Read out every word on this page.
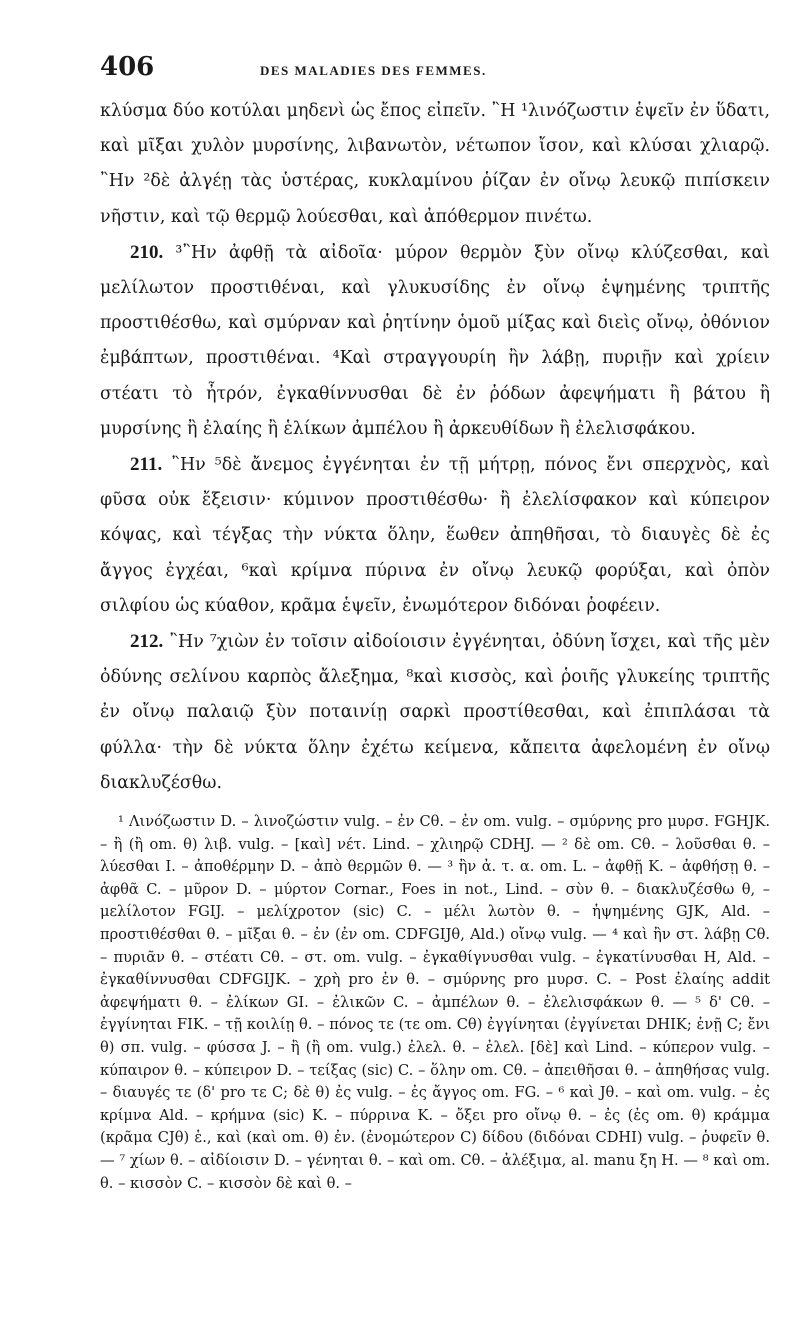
406	DES MALADIES DES FEMMES.

κλύσμα δύο κοτύλαι μηδενὶ ὡς ἔπος εἰπεῖν. ῍Η ¹λινόζωστιν ἑψεῖν ἐν ὕδατι, καὶ μῖξαι χυλὸν μυρσίνης, λιβανωτὸν, νέτωπον ἴσον, καὶ κλύσαι χλιαρῷ. ῍Ην ²δὲ ἀλγέῃ τὰς ὑστέρας, κυκλαμίνου ῥίζαν ἐν οἴνῳ λευκῷ πιπίσκειν νῆστιν, καὶ τῷ θερμῷ λούεσθαι, καὶ ἀπόθερμον πινέτω.

210. ³῍Ην ἀφθῇ τὰ αἰδοῖα· μύρον θερμὸν ξὺν οἴνῳ κλύζεσθαι, καὶ μελίλωτον προστιθέναι, καὶ γλυκυσίδης ἐν οἴνῳ ἑψημένης τριπτῆς προστιθέσθω, καὶ σμύρναν καὶ ῥητίνην ὁμοῦ μίξας καὶ διεὶς οἴνῳ, ὀθόνιον ἐμβάπτων, προστιθέναι. ⁴Καὶ στραγγουρίη ἢν λάβῃ, πυριῇν καὶ χρίειν στέατι τὸ ἦτρόν, ἐγκαθίννυσθαι δὲ ἐν ῥόδων ἀφεψήματι ἢ βάτου ἢ μυρσίνης ἢ ἐλαίης ἢ ἑλίκων ἀμπέλου ἢ ἀρκευθίδων ἢ ἐλελισφάκου.

211. ῍Ην ⁵δὲ ἄνεμος ἐγγένηται ἐν τῇ μήτρῃ, πόνος ἔνι σπερχνὸς, καὶ φῦσα οὐκ ἔξεισιν· κύμινον προστιθέσθω· ἢ ἐλελίσφακον καὶ κύπειρον κόψας, καὶ τέγξας τὴν νύκτα ὅλην, ἕωθεν ἀπηθῆσαι, τὸ διαυγὲς δὲ ἐς ἄγγος ἐγχέαι, ⁶καὶ κρίμνα πύρινα ἐν οἴνῳ λευκῷ φορύξαι, καὶ ὀπὸν σιλφίου ὡς κύαθον, κρᾶμα ἑψεῖν, ἐνωμότερον διδόναι ῥοφέειν.

212. ῍Ην ⁷χιὼν ἐν τοῖσιν αἰδοίοισιν ἐγγένηται, ὀδύνη ἴσχει, καὶ τῆς μὲν ὀδύνης σελίνου καρπὸς ἄλεξημα, ⁸καὶ κισσὸς, καὶ ῥοιῆς γλυκείης τριπτῆς ἐν οἴνῳ παλαιῷ ξὺν ποταινίῃ σαρκὶ προστίθεσθαι, καὶ ἐπιπλάσαι τὰ φύλλα· τὴν δὲ νύκτα ὅλην ἐχέτω κείμενα, κἄπειτα ἀφελομένη ἐν οἴνῳ διακλυζέσθω.

¹ Λινόζωστιν D. – λινοζώστιν vulg. – ἐν Cθ. – ἐν om. vulg. – σμύρνης pro μυρσ. FGHJK. – ἢ (ἢ om. θ) λιβ. vulg. – [καὶ] νέτ. Lind. – χλιηρῷ CDHJ. — ² δὲ om. Cθ. – λοῦσθαι θ. – λύεσθαι I. – ἀποθέρμην D. – ἀπὸ θερμῶν θ. — ³ ἢν ἀ. τ. α. om. L. – ἀφθῇ K. – ἀφθήσῃ θ. – ἀφθᾶ C. – μῦρον D. – μύρτον Cornar., Foes in not., Lind. – σὺν θ. – διακλυζέσθω θ, – μελίλοτον FGIJ. – μελίχροτον (sic) C. – μέλι λωτὸν θ. – ἡψημένης GJK, Ald. – προστιθέσθαι θ. – μῖξαι θ. – ἐν (ἐν om. CDFGIJθ, Ald.) οἴνῳ vulg. — ⁴ καὶ ἢν στ. λάβῃ Cθ. – πυριᾶν θ. – στέατι Cθ. – στ. om. vulg. – ἐγκαθίγνυσθαι vulg. – ἐγκατίνυσθαι H, Ald. – ἐγκαθίννυσθαι CDFGIJK. – χρὴ pro ἐν θ. – σμύρνης pro μυρσ. C. – Post ἐλαίης addit ἀφεψήματι θ. – ἐλίκων GI. – ἐλικῶν C. – ἀμπέλων θ. – ἐλελισφάκων θ. — ⁵ δ' Cθ. – ἐγγίνηται FIK. – τῇ κοιλίῃ θ. – πόνος τε (τε om. Cθ) ἐγγίνηται (ἐγγίνεται DHIK; ἐνῇ C; ἔνι θ) σπ. vulg. – φύσσα J. – ἢ (ἢ om. vulg.) ἐλελ. θ. – ἐλελ. [δὲ] καὶ Lind. – κύπερον vulg. – κύπαιρον θ. – κύπειρον D. – τείξας (sic) C. – ὅλην om. Cθ. – ἀπειθῆσαι θ. – ἀπηθήσας vulg. – διαυγές τε (δ' pro τε C; δὲ θ) ἐς vulg. – ἐς ἄγγος om. FG. – ⁶ καὶ Jθ. – καὶ om. vulg. – ἐς κρίμνα Ald. – κρήμνα (sic) K. – πύρρινα K. – ὄξει pro οἴνῳ θ. – ἐς (ἐς om. θ) κράμμα (κρᾶμα CJθ) ἑ., καὶ (καὶ om. θ) ἐν. (ἐνομώτερον C) δίδου (διδόναι CDHI) vulg. – ῥυφεῖν θ. — ⁷ χίων θ. – αἰδίοισιν D. – γένηται θ. – καὶ om. Cθ. – ἀλέξιμα, al. manu ξη H. — ⁸ καὶ om. θ. – κισσὸν C. – κισσὸν δὲ καὶ θ. –
